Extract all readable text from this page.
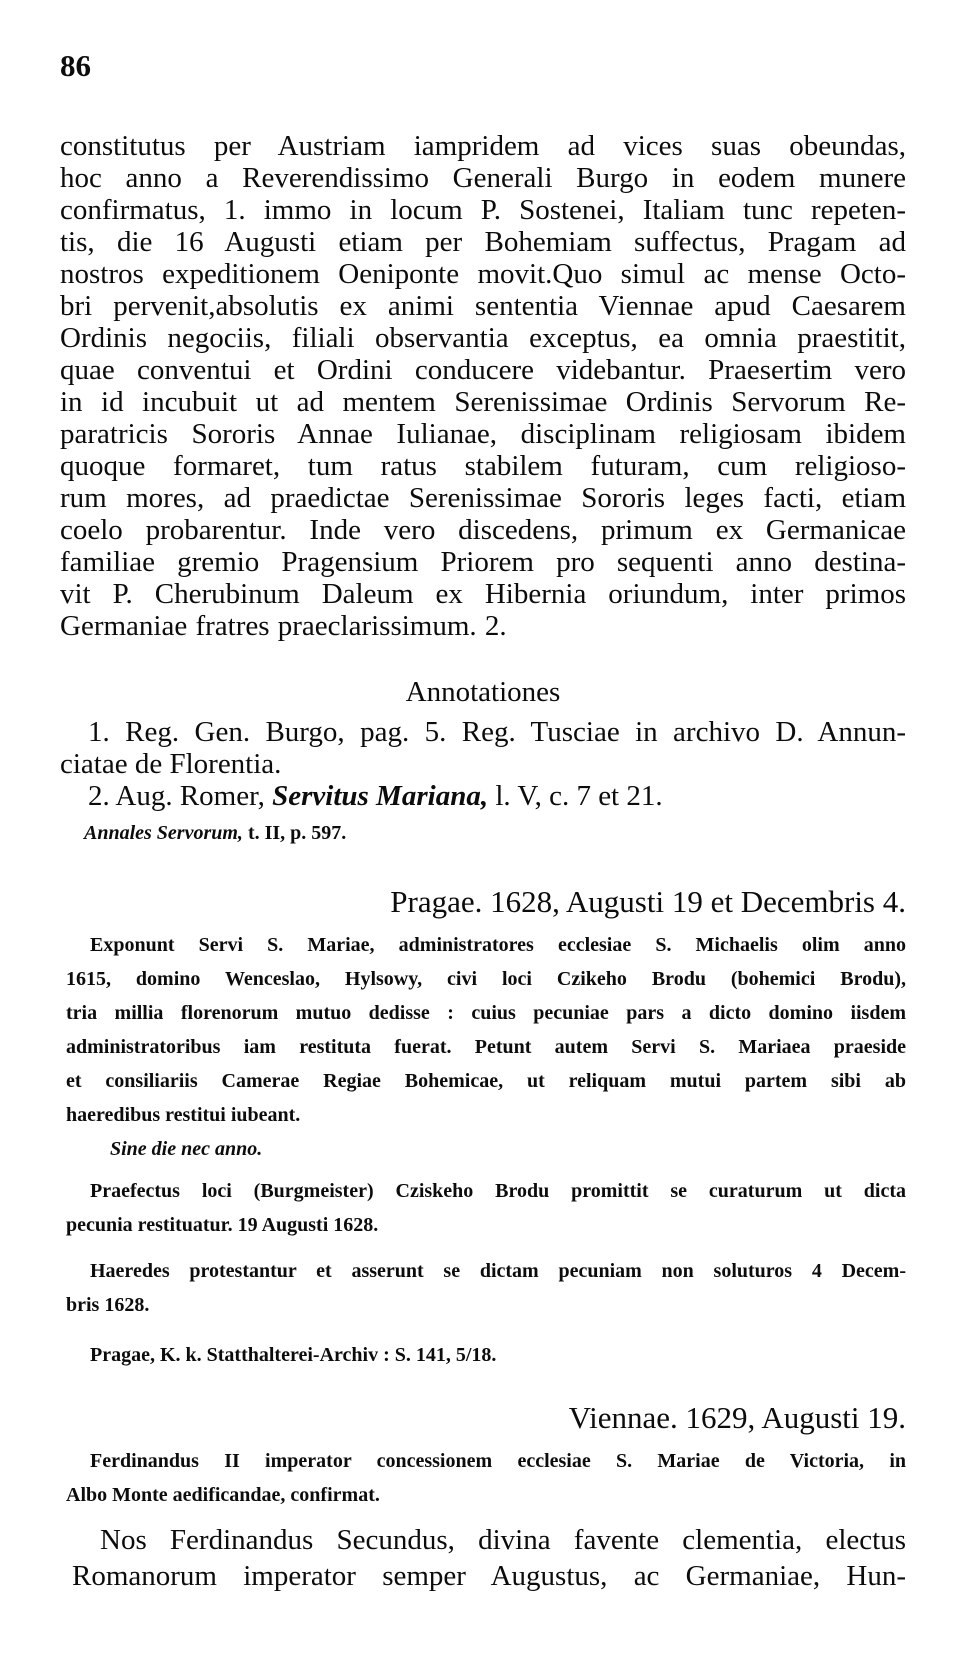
86
constitutus per Austriam iampridem ad vices suas obeundas,
hoc anno a Reverendissimo Generali Burgo in eodem munere
confirmatus, 1. immo in locum P. Sostenei, Italiam tunc repeten-
tis, die 16 Augusti etiam per Bohemiam suffectus, Pragam ad
nostros expeditionem Oeniponte movit.Quo simul ac mense Octo-
bri pervenit,absolutis ex animi sententia Viennae apud Caesarem
Ordinis negociis, filiali observantia exceptus, ea omnia praestitit,
quae conventui et Ordini conducere videbantur. Praesertim vero
in id incubuit ut ad mentem Serenissimae Ordinis Servorum Re-
paratricis Sororis Annae Iulianae, disciplinam religiosam ibidem
quoque formaret, tum ratus stabilem futuram, cum religioso-
rum mores, ad praedictae Serenissimae Sororis leges facti, etiam
coelo probarentur. Inde vero discedens, primum ex Germanicae
familiae gremio Pragensium Priorem pro sequenti anno destina-
vit P. Cherubinum Daleum ex Hibernia oriundum, inter primos
Germaniae fratres praeclarissimum. 2.
Annotationes
1. Reg. Gen. Burgo, pag. 5. Reg. Tusciae in archivo D. Annun-
ciatae de Florentia.
2. Aug. Romer, Servitus Mariana, l. V, c. 7 et 21.
Annales Servorum, t. II, p. 597.
Pragae. 1628, Augusti 19 et Decembris 4.
Exponunt Servi S. Mariae, administratores ecclesiae S. Michaelis olim anno
1615, domino Wenceslao, Hylsowy, civi loci Czikeho Brodu (bohemici Brodu),
tria millia florenorum mutuo dedisse : cuius pecuniae pars a dicto domino iisdem
administratoribus iam restituta fuerat. Petunt autem Servi S. Mariaea praeside
et consiliariis Camerae Regiae Bohemicae, ut reliquam mutui partem sibi ab
haeredibus restitui iubeant.
Sine die nec anno.
Praefectus loci (Burgmeister) Cziskeho Brodu promittit se curaturum ut dicta
pecunia restituatur. 19 Augusti 1628.
Haeredes protestantur et asserunt se dictam pecuniam non soluturos 4 Decem-
bris 1628.
Pragae, K. k. Statthalterei-Archiv : S. 141, 5/18.
Viennae. 1629, Augusti 19.
Ferdinandus II imperator concessionem ecclesiae S. Mariae de Victoria, in
Albo Monte aedificandae, confirmat.
Nos Ferdinandus Secundus, divina favente clementia, electus
Romanorum imperator semper Augustus, ac Germaniae, Hun-
